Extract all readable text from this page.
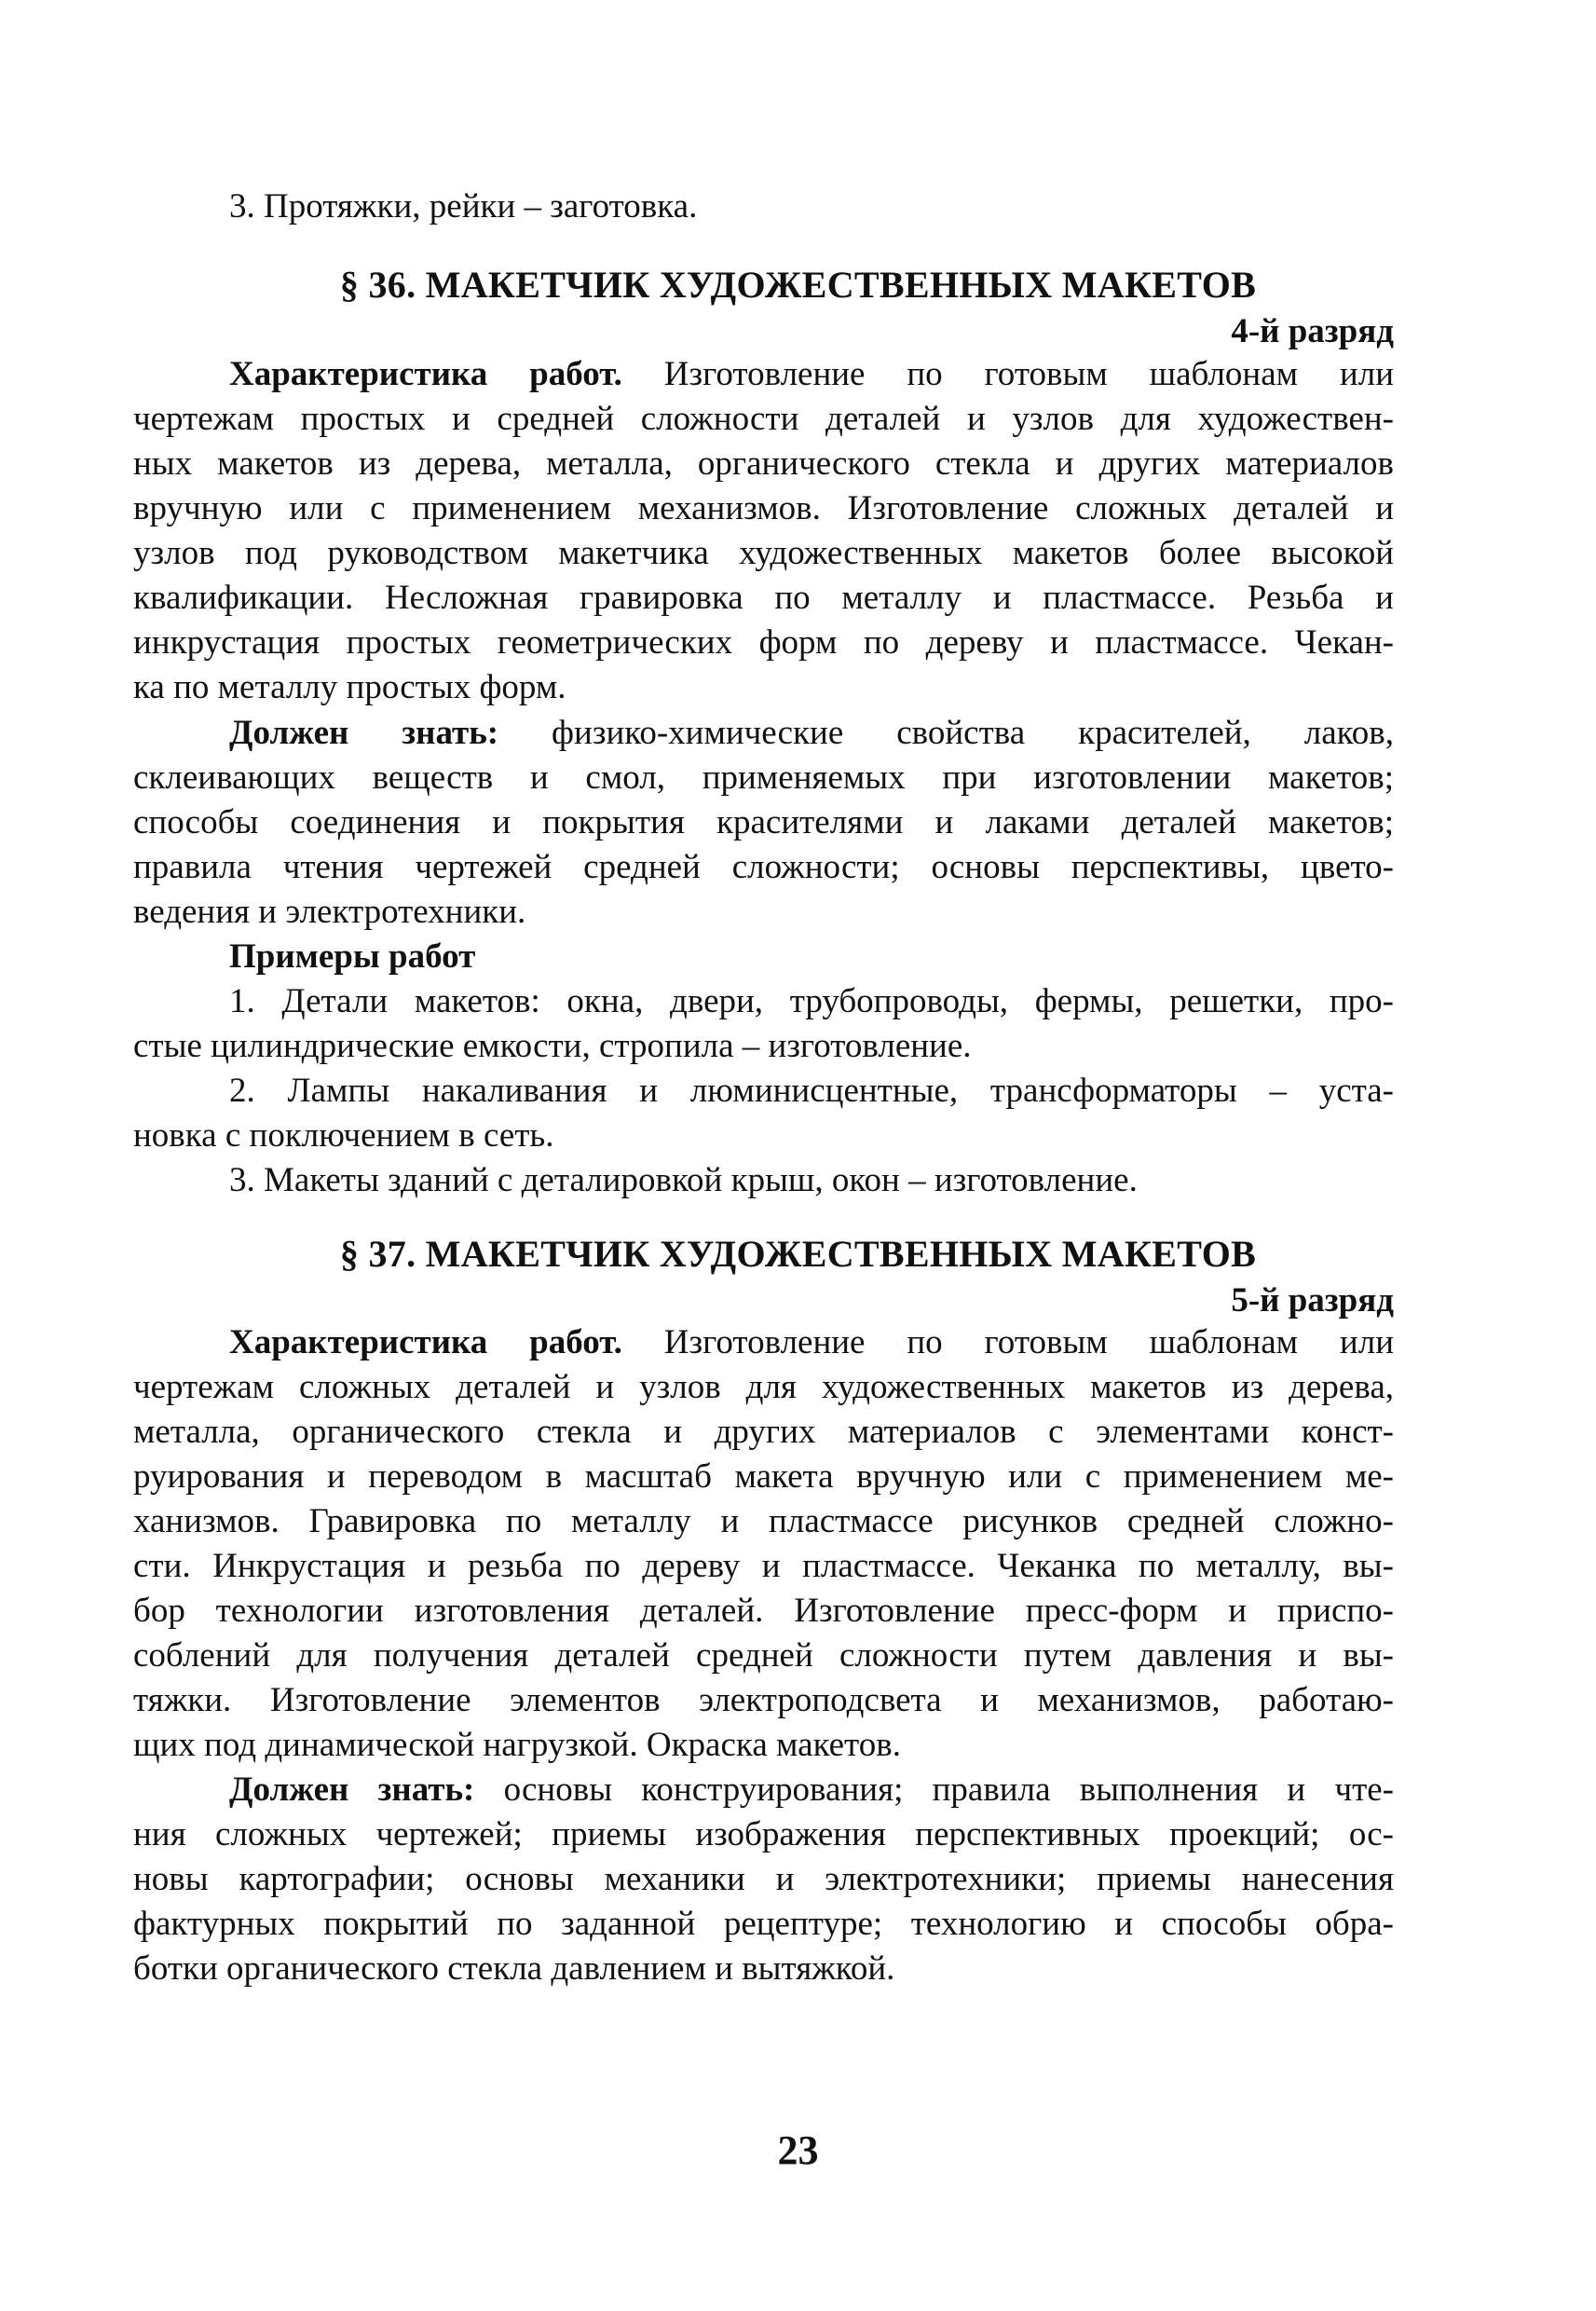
3. Протяжки, рейки – заготовка.

§ 36. МАКЕТЧИК ХУДОЖЕСТВЕННЫХ МАКЕТОВ

4-й разряд

Характеристика работ. Изготовление по готовым шаблонам или

чертежам простых и средней сложности деталей и узлов для художествен-

ных макетов из дерева, металла, органического стекла и других материалов

вручную или с применением механизмов. Изготовление сложных деталей и

узлов под руководством макетчика художественных макетов более высокой

квалификации. Несложная гравировка по металлу и пластмассе. Резьба и

инкрустация простых геометрических форм по дереву и пластмассе. Чекан-

ка по металлу простых форм.

Должен знать: физико-химические свойства красителей, лаков,

склеивающих веществ и смол, применяемых при изготовлении макетов;

способы соединения и покрытия красителями и лаками деталей макетов;

правила чтения чертежей средней сложности; основы перспективы, цвето-

ведения и электротехники.

Примеры работ

1. Детали макетов: окна, двери, трубопроводы, фермы, решетки, про-

стые цилиндрические емкости, стропила – изготовление.

2. Лампы накаливания и люминисцентные, трансформаторы – уста-

новка с поключением в сеть.

3. Макеты зданий с деталировкой крыш, окон – изготовление.

§ 37. МАКЕТЧИК ХУДОЖЕСТВЕННЫХ МАКЕТОВ

5-й разряд

Характеристика работ. Изготовление по готовым шаблонам или

чертежам сложных деталей и узлов для художественных макетов из дерева,

металла, органического стекла и других материалов с элементами конст-

руирования и переводом в масштаб макета вручную или с применением ме-

ханизмов. Гравировка по металлу и пластмассе рисунков средней сложно-

сти. Инкрустация и резьба по дереву и пластмассе. Чеканка по металлу, вы-

бор технологии изготовления деталей. Изготовление пресс-форм и приспо-

соблений для получения деталей средней сложности путем давления и вы-

тяжки. Изготовление элементов электроподсвета и механизмов, работаю-

щих под динамической нагрузкой. Окраска макетов.

Должен знать: основы конструирования; правила выполнения и чте-

ния сложных чертежей; приемы изображения перспективных проекций; ос-

новы картографии; основы механики и электротехники; приемы нанесения

фактурных покрытий по заданной рецептуре; технологию и способы обра-

ботки органического стекла давлением и вытяжкой.

23
